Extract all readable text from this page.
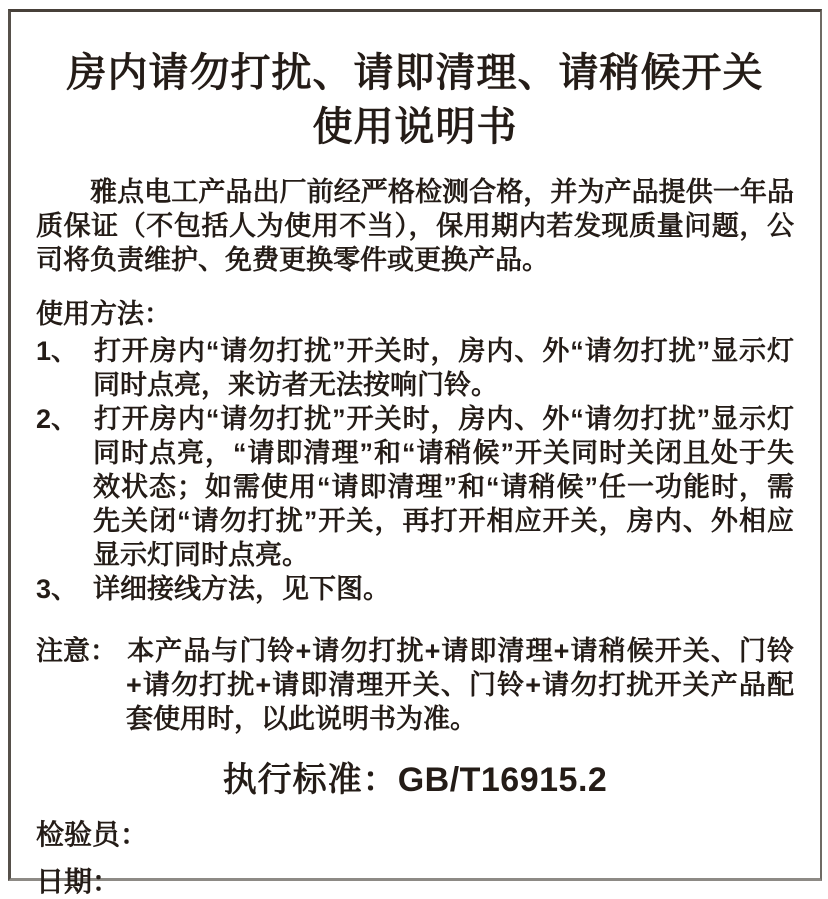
房内请勿打扰、请即清理、请稍候开关
使用说明书

雅点电工产品出厂前经严格检测合格，并为产品提供一年品质保证（不包括人为使用不当），保用期内若发现质量问题，公司将负责维护、免费更换零件或更换产品。

使用方法：
1、 打开房内“请勿打扰”开关时，房内、外“请勿打扰”显示灯同时点亮，来访者无法按响门铃。
2、 打开房内“请勿打扰”开关时，房内、外“请勿打扰”显示灯同时点亮，“请即清理”和“请稍候”开关同时关闭且处于失效状态；如需使用“请即清理”和“请稍候”任一功能时，需先关闭“请勿打扰”开关，再打开相应开关，房内、外相应显示灯同时点亮。
3、 详细接线方法，见下图。
注意： 本产品与门铃+请勿打扰+请即清理+请稍候开关、门铃+请勿打扰+请即清理开关、门铃+请勿打扰开关产品配套使用时，以此说明书为准。
执行标准：GB/T16915.2
检验员：
日期：
